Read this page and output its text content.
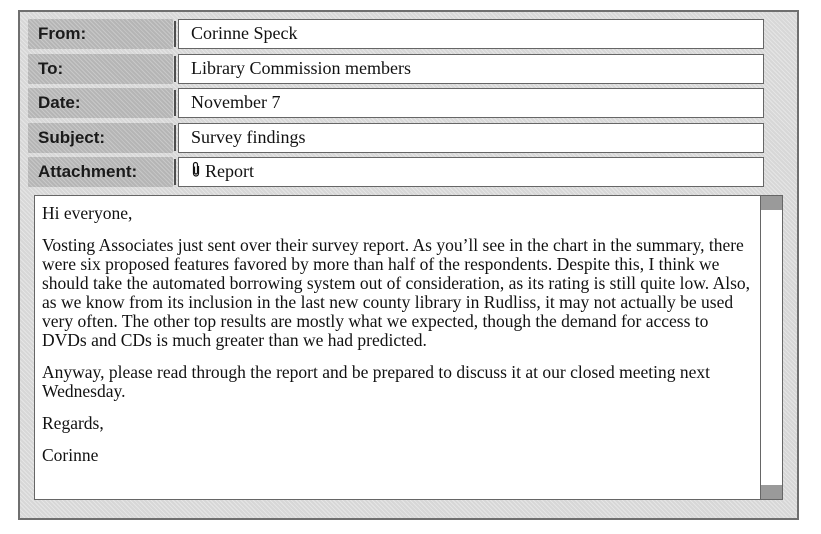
From:	Corinne Speck
To:	Library Commission members
Date:	November 7
Subject:	Survey findings
Attachment:	Report

Hi everyone,

Vosting Associates just sent over their survey report. As you’ll see in the chart in the summary, there were six proposed features favored by more than half of the respondents. Despite this, I think we should take the automated borrowing system out of consideration, as its rating is still quite low. Also, as we know from its inclusion in the last new county library in Rudliss, it may not actually be used very often. The other top results are mostly what we expected, though the demand for access to DVDs and CDs is much greater than we had predicted.

Anyway, please read through the report and be prepared to discuss it at our closed meeting next Wednesday.

Regards,

Corinne
